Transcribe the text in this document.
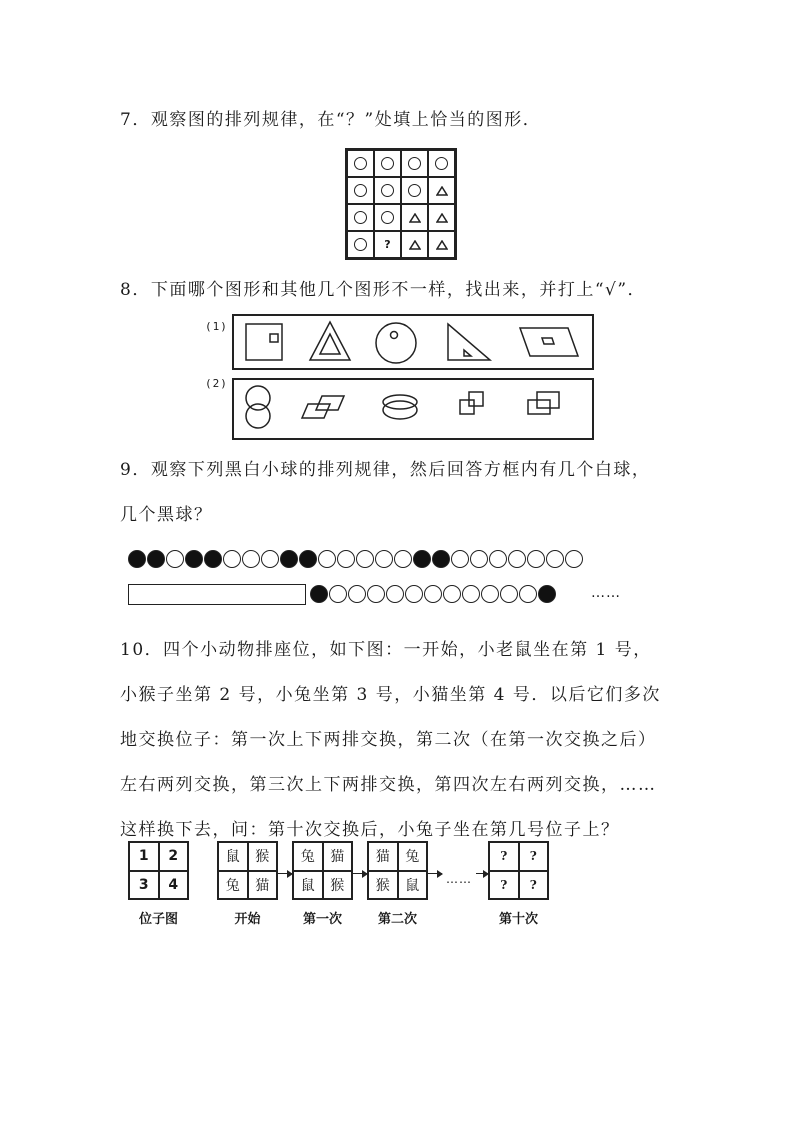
7．观察图的排列规律，在“？”处填上恰当的图形．
?
8．下面哪个图形和其他几个图形不一样，找出来，并打上“√”．
(1)
(2)
9．观察下列黑白小球的排列规律，然后回答方框内有几个白球，
几个黑球？
……
10．四个小动物排座位，如下图：一开始，小老鼠坐在第 1 号，
小猴子坐第 2 号，小兔坐第 3 号，小猫坐第 4 号．以后它们多次
地交换位子：第一次上下两排交换，第二次（在第一次交换之后）
左右两列交换，第三次上下两排交换，第四次左右两列交换，……
这样换下去，问：第十次交换后，小兔子坐在第几号位子上？
1	2
3	4
位子图
鼠	猴
兔	猫
开始
兔	猫
鼠	猴
第一次
猫	兔
猴	鼠
第二次
……
?	?
?	?
第十次
